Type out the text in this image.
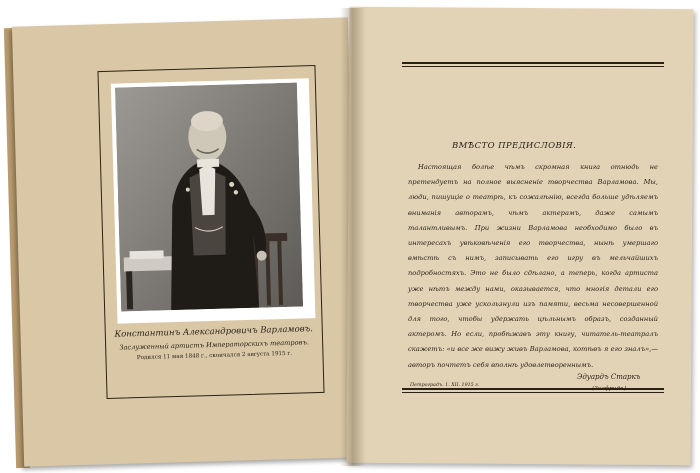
Константинъ Александровичъ Варламовъ.
Заслуженный артистъ Императорскихъ театровъ.
Родился 11 мая 1848 г., скончался 2 августа 1915 г.
ВМѢСТО ПРЕДИСЛОВІЯ.
Настоящая болѣе чѣмъ скромная книга отнюдь не претендуетъ на полное выясненіе творчества Варламова. Мы, люди, пишущіе о театрѣ, къ сожалѣнію, всегда больше удѣляемъ вниманія авторамъ, чѣмъ актерамъ, даже самымъ талантливымъ. При жизни Варламова необходимо было въ интересахъ увѣковѣченія его творчества, нынѣ умершаго вмѣстѣ съ нимъ, записывать его игру въ мельчайшихъ подробностяхъ. Это не было сдѣлано, а теперь, когда артиста уже нѣтъ между нами, оказывается, что многія детали его творчества уже ускользнули изъ памяти, весьма несовершенной для того, чтобы удержать цѣльнымъ образъ, созданный актеромъ. Но если, пробѣжавъ эту книгу, читатель-театралъ скажетъ: «и все же вижу живъ Варламова, котѣвъ я его зналъ»,—авторъ почтетъ себя вполнѣ удовлетвореннымъ.
Петроградъ. 1. XII. 1915 г.
Эдуардъ Старкъ
(Зигфридъ).
